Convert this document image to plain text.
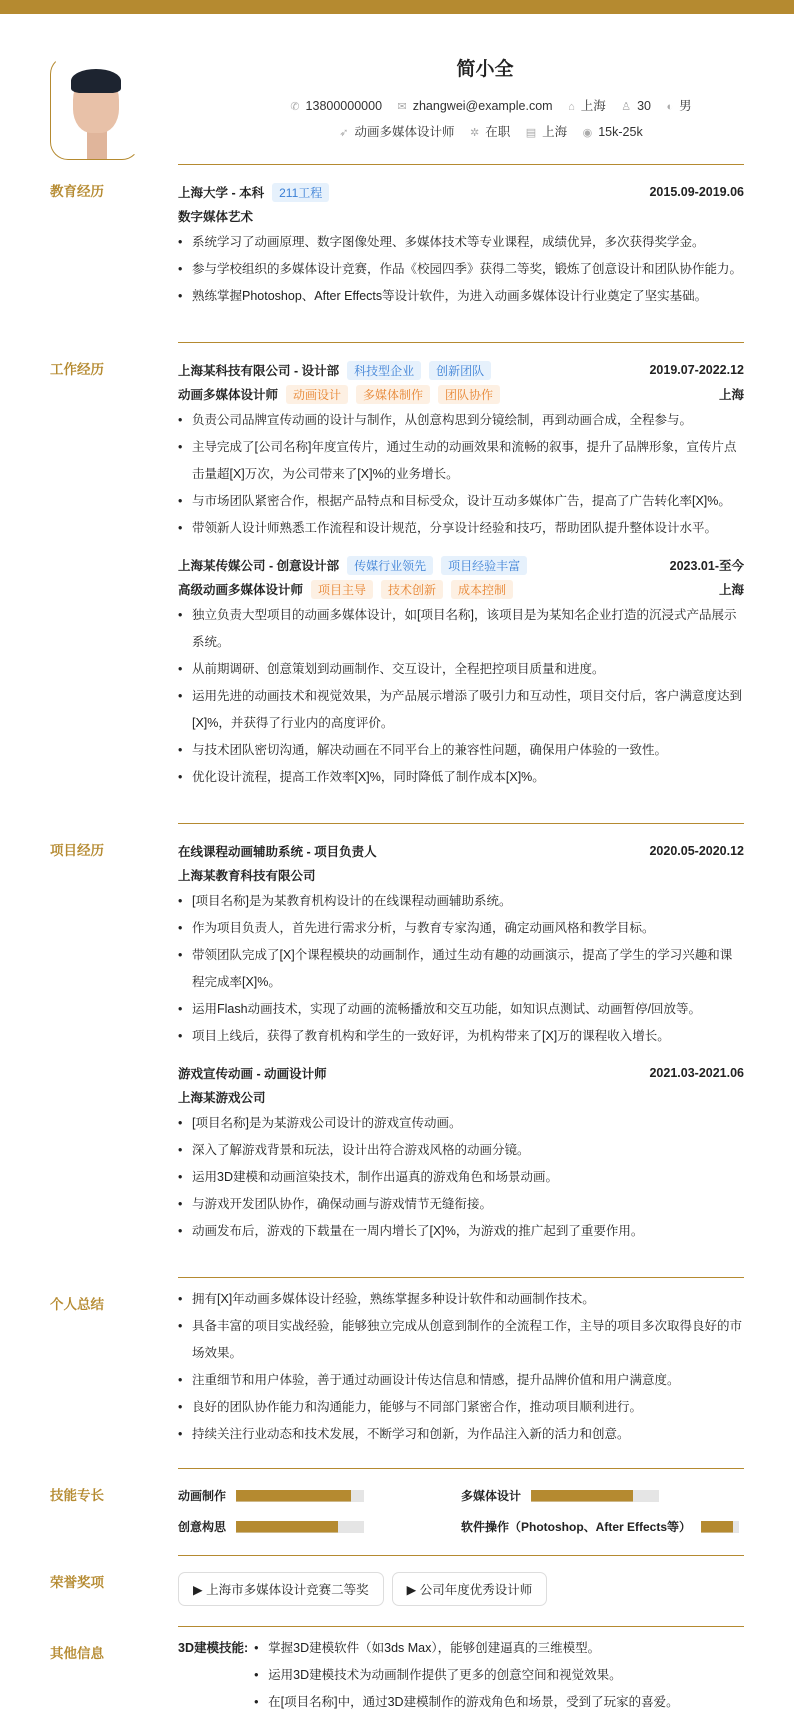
简小全
✆ 13800000000 ✉ zhangwei@example.com ⌂ 上海 ♙ 30 ◐ 男
➶ 动画多媒体设计师 ✲ 在职 ▤ 上海 ◉ 15k-25k
教育经历	上海大学 - 本科	211工程	2015.09-2019.06
数字媒体艺术
• 系统学习了动画原理、数字图像处理、多媒体技术等专业课程，成绩优异，多次获得奖学金。
• 参与学校组织的多媒体设计竞赛，作品《校园四季》获得二等奖，锻炼了创意设计和团队协作能力。
• 熟练掌握Photoshop、After Effects等设计软件，为进入动画多媒体设计行业奠定了坚实基础。
工作经历	上海某科技有限公司 - 设计部	科技型企业	创新团队	2019.07-2022.12
动画多媒体设计师	动画设计	多媒体制作	团队协作	上海
• 负责公司品牌宣传动画的设计与制作，从创意构思到分镜绘制，再到动画合成，全程参与。
• 主导完成了[公司名称]年度宣传片，通过生动的动画效果和流畅的叙事，提升了品牌形象，宣传片点击量超[X]万次，为公司带来了[X]%的业务增长。
• 与市场团队紧密合作，根据产品特点和目标受众，设计互动多媒体广告，提高了广告转化率[X]%。
• 带领新人设计师熟悉工作流程和设计规范，分享设计经验和技巧，帮助团队提升整体设计水平。
上海某传媒公司 - 创意设计部	传媒行业领先	项目经验丰富	2023.01-至今
高级动画多媒体设计师	项目主导	技术创新	成本控制	上海
• 独立负责大型项目的动画多媒体设计，如[项目名称]，该项目是为某知名企业打造的沉浸式产品展示系统。
• 从前期调研、创意策划到动画制作、交互设计，全程把控项目质量和进度。
• 运用先进的动画技术和视觉效果，为产品展示增添了吸引力和互动性，项目交付后，客户满意度达到[X]%，并获得了行业内的高度评价。
• 与技术团队密切沟通，解决动画在不同平台上的兼容性问题，确保用户体验的一致性。
• 优化设计流程，提高工作效率[X]%，同时降低了制作成本[X]%。
项目经历	在线课程动画辅助系统 - 项目负责人	2020.05-2020.12
上海某教育科技有限公司
• [项目名称]是为某教育机构设计的在线课程动画辅助系统。
• 作为项目负责人，首先进行需求分析，与教育专家沟通，确定动画风格和教学目标。
• 带领团队完成了[X]个课程模块的动画制作，通过生动有趣的动画演示，提高了学生的学习兴趣和课程完成率[X]%。
• 运用Flash动画技术，实现了动画的流畅播放和交互功能，如知识点测试、动画暂停/回放等。
• 项目上线后，获得了教育机构和学生的一致好评，为机构带来了[X]万的课程收入增长。
游戏宣传动画 - 动画设计师	2021.03-2021.06
上海某游戏公司
• [项目名称]是为某游戏公司设计的游戏宣传动画。
• 深入了解游戏背景和玩法，设计出符合游戏风格的动画分镜。
• 运用3D建模和动画渲染技术，制作出逼真的游戏角色和场景动画。
• 与游戏开发团队协作，确保动画与游戏情节无缝衔接。
• 动画发布后，游戏的下载量在一周内增长了[X]%，为游戏的推广起到了重要作用。
个人总结	• 拥有[X]年动画多媒体设计经验，熟练掌握多种设计软件和动画制作技术。
• 具备丰富的项目实战经验，能够独立完成从创意到制作的全流程工作，主导的项目多次取得良好的市场效果。
• 注重细节和用户体验，善于通过动画设计传达信息和情感，提升品牌价值和用户满意度。
• 良好的团队协作能力和沟通能力，能够与不同部门紧密合作，推动项目顺利进行。
• 持续关注行业动态和技术发展，不断学习和创新，为作品注入新的活力和创意。
技能专长	动画制作	多媒体设计
创意构思	软件操作（Photoshop、After Effects等）
荣誉奖项	▶ 上海市多媒体设计竞赛二等奖	▶ 公司年度优秀设计师
其他信息	3D建模技能:	• 掌握3D建模软件（如3ds Max），能够创建逼真的三维模型。
• 运用3D建模技术为动画制作提供了更多的创意空间和视觉效果。
• 在[项目名称]中，通过3D建模制作的游戏角色和场景，受到了玩家的喜爱。
